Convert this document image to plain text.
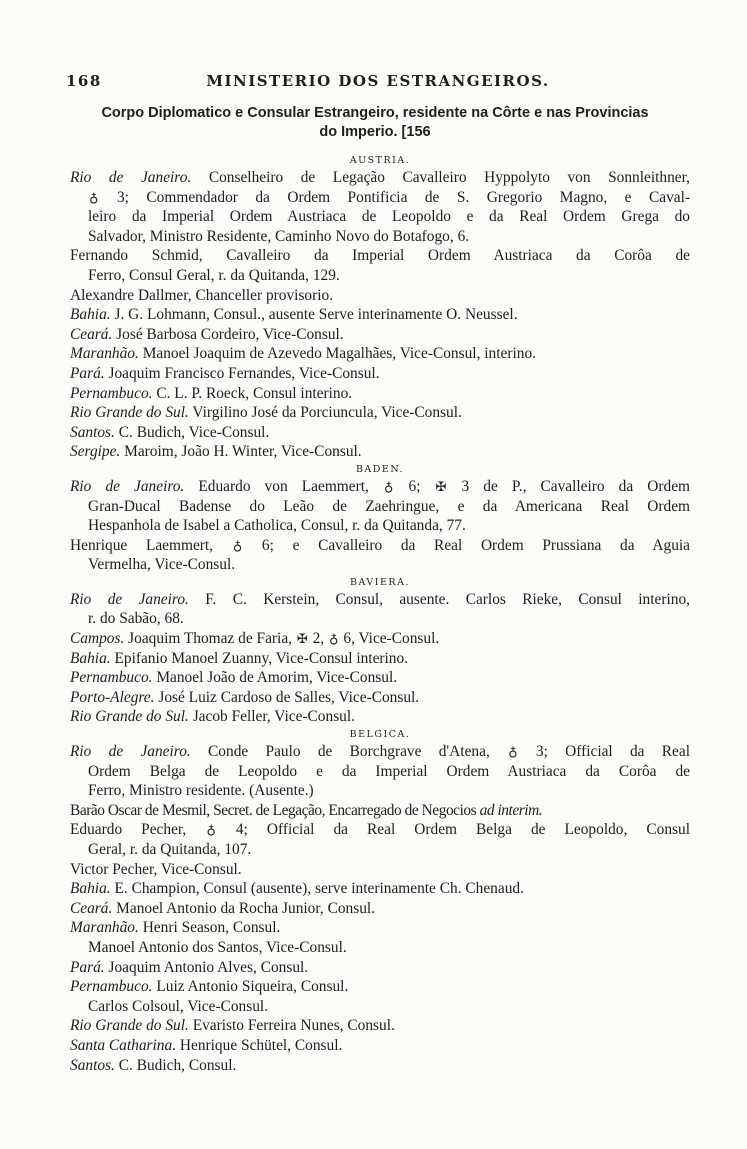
168	MINISTERIO DOS ESTRANGEIROS.
Corpo Diplomatico e Consular Estrangeiro, residente na Côrte e nas Provincias
do Imperio. [156
AUSTRIA.
Rio de Janeiro. Conselheiro de Legação Cavalleiro Hyppolyto von Sonnleithner,
♁ 3; Commendador da Ordem Pontificia de S. Gregorio Magno, e Caval-
leiro da Imperial Ordem Austriaca de Leopoldo e da Real Ordem Grega do
Salvador, Ministro Residente, Caminho Novo do Botafogo, 6.
Fernando Schmid, Cavalleiro da Imperial Ordem Austriaca da Corôa de
Ferro, Consul Geral, r. da Quitanda, 129.
Alexandre Dallmer, Chanceller provisorio.
Bahia. J. G. Lohmann, Consul., ausente Serve interinamente O. Neussel.
Ceará. José Barbosa Cordeiro, Vice-Consul.
Maranhão. Manoel Joaquim de Azevedo Magalhães, Vice-Consul, interino.
Pará. Joaquim Francisco Fernandes, Vice-Consul.
Pernambuco. C. L. P. Roeck, Consul interino.
Rio Grande do Sul. Virgilino José da Porciuncula, Vice-Consul.
Santos. C. Budich, Vice-Consul.
Sergipe. Maroim, João H. Winter, Vice-Consul.
BADEN.
Rio de Janeiro. Eduardo von Laemmert, ♁ 6; ✠ 3 de P., Cavalleiro da Ordem
Gran-Ducal Badense do Leão de Zaehringue, e da Americana Real Ordem
Hespanhola de Isabel a Catholica, Consul, r. da Quitanda, 77.
Henrique Laemmert, ♁ 6; e Cavalleiro da Real Ordem Prussiana da Aguia
Vermelha, Vice-Consul.
BAVIERA.
Rio de Janeiro. F. C. Kerstein, Consul, ausente. Carlos Rieke, Consul interino,
r. do Sabão, 68.
Campos. Joaquim Thomaz de Faria, ✠ 2, ♁ 6, Vice-Consul.
Bahia. Epifanio Manoel Zuanny, Vice-Consul interino.
Pernambuco. Manoel João de Amorim, Vice-Consul.
Porto-Alegre. José Luiz Cardoso de Salles, Vice-Consul.
Rio Grande do Sul. Jacob Feller, Vice-Consul.
BELGICA.
Rio de Janeiro. Conde Paulo de Borchgrave d'Atena, ♁ 3; Official da Real
Ordem Belga de Leopoldo e da Imperial Ordem Austriaca da Corôa de
Ferro, Ministro residente. (Ausente.)
Barão Oscar de Mesmil, Secret. de Legação, Encarregado de Negocios ad interim.
Eduardo Pecher, ♁ 4; Official da Real Ordem Belga de Leopoldo, Consul
Geral, r. da Quitanda, 107.
Victor Pecher, Vice-Consul.
Bahia. E. Champion, Consul (ausente), serve interinamente Ch. Chenaud.
Ceará. Manoel Antonio da Rocha Junior, Consul.
Maranhão. Henri Season, Consul.
Manoel Antonio dos Santos, Vice-Consul.
Pará. Joaquim Antonio Alves, Consul.
Pernambuco. Luiz Antonio Siqueira, Consul.
Carlos Colsoul, Vice-Consul.
Rio Grande do Sul. Evaristo Ferreira Nunes, Consul.
Santa Catharina. Henrique Schütel, Consul.
Santos. C. Budich, Consul.
